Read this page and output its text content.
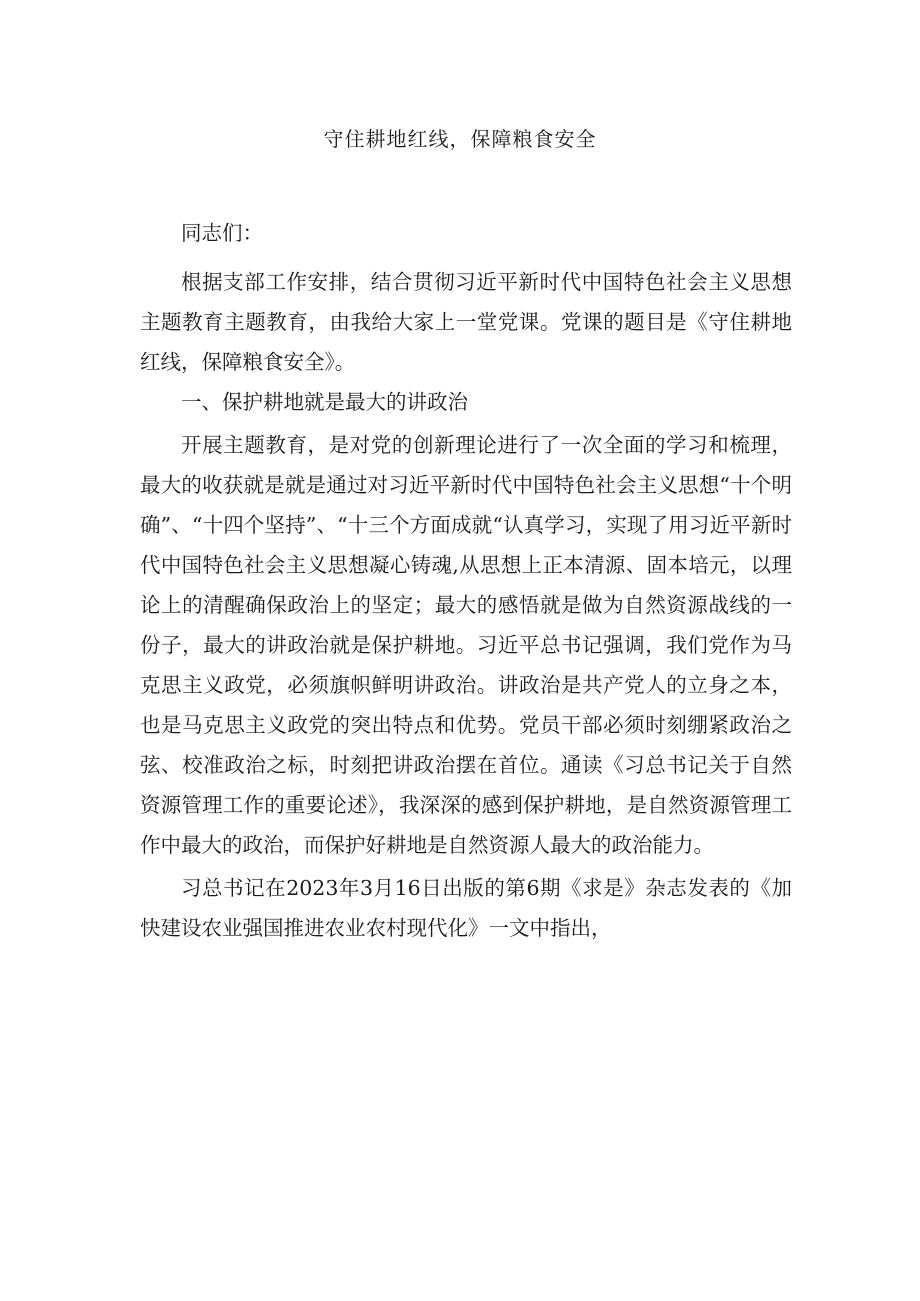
守住耕地红线，保障粮食安全

同志们：

根据支部工作安排，结合贯彻习近平新时代中国特色社会主义思想主题教育主题教育，由我给大家上一堂党课。党课的题目是《守住耕地红线，保障粮食安全》。

一、保护耕地就是最大的讲政治

开展主题教育，是对党的创新理论进行了一次全面的学习和梳理，最大的收获就是就是通过对习近平新时代中国特色社会主义思想“十个明确”、“十四个坚持”、“十三个方面成就“认真学习，实现了用习近平新时代中国特色社会主义思想凝心铸魂,从思想上正本清源、固本培元，以理论上的清醒确保政治上的坚定；最大的感悟就是做为自然资源战线的一份子，最大的讲政治就是保护耕地。习近平总书记强调，我们党作为马克思主义政党，必须旗帜鲜明讲政治。讲政治是共产党人的立身之本，也是马克思主义政党的突出特点和优势。党员干部必须时刻绷紧政治之弦、校准政治之标，时刻把讲政治摆在首位。通读《习总书记关于自然资源管理工作的重要论述》，我深深的感到保护耕地，是自然资源管理工作中最大的政治，而保护好耕地是自然资源人最大的政治能力。

习总书记在2023年3月16日出版的第6期《求是》杂志发表的《加快建设农业强国推进农业农村现代化》一文中指出，
